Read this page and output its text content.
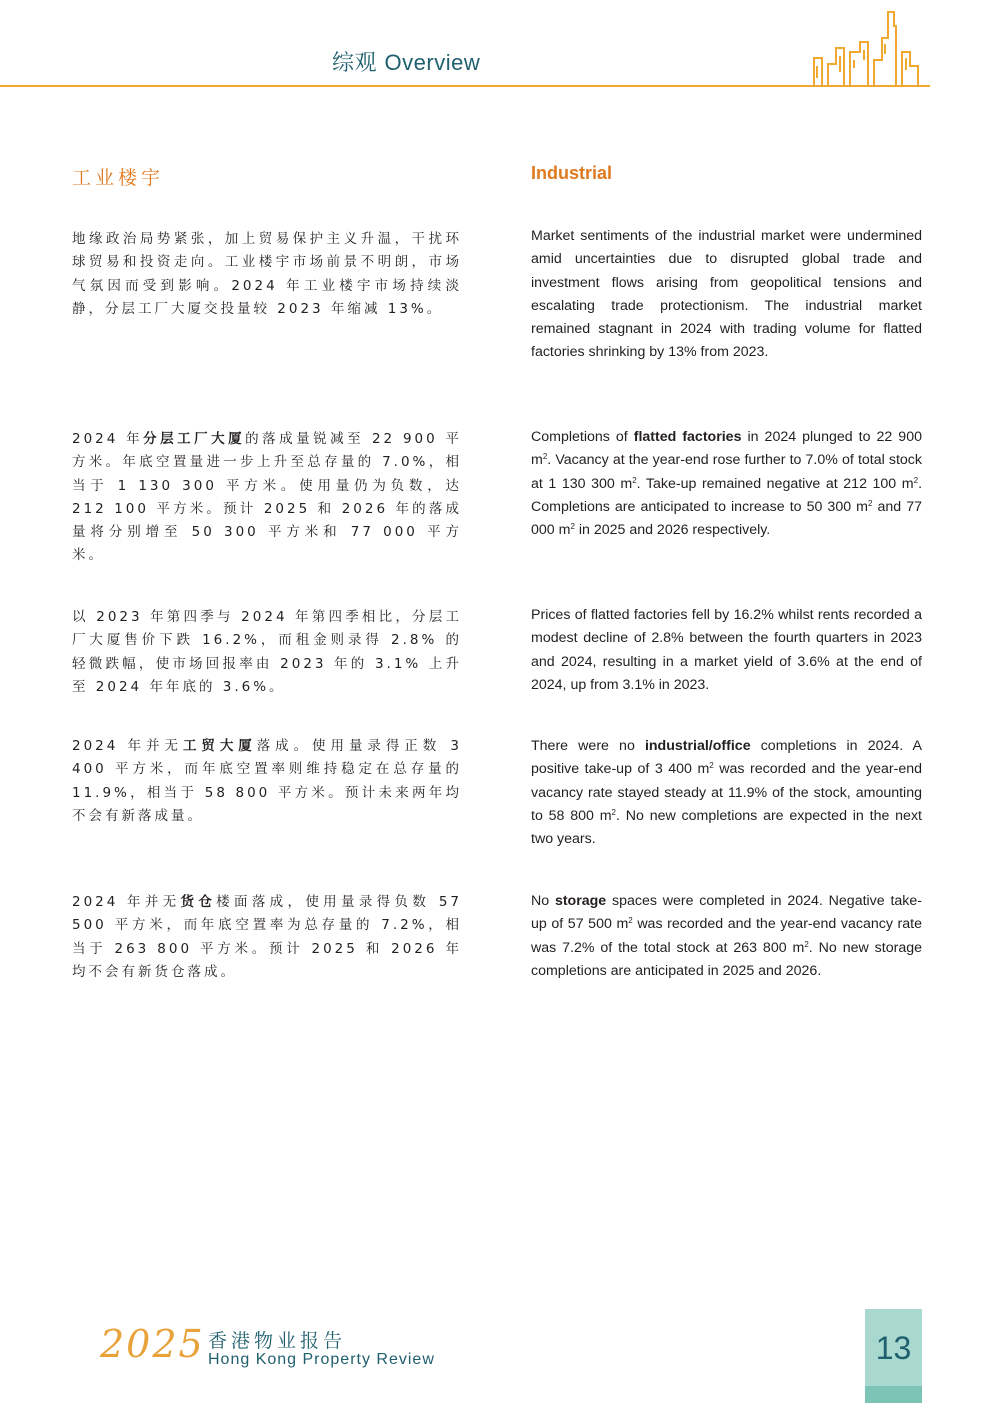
综观 Overview
工业楼宇	Industrial
地缘政治局势紧张，加上贸易保护主义升温，干扰环球贸易和投资走向。工业楼宇市场前景不明朗，市场气氛因而受到影响。2024 年工业楼宇市场持续淡静，分层工厂大厦交投量较 2023 年缩减 13%。
2024 年分层工厂大厦的落成量锐减至 22 900 平方米。年底空置量进一步上升至总存量的 7.0%，相当于 1 130 300 平方米。使用量仍为负数，达 212 100 平方米。预计 2025 和 2026 年的落成量将分别增至 50 300 平方米和 77 000 平方米。
以 2023 年第四季与 2024 年第四季相比，分层工厂大厦售价下跌 16.2%，而租金则录得 2.8% 的轻微跌幅，使市场回报率由 2023 年的 3.1% 上升至 2024 年年底的 3.6%。
2024 年并无工贸大厦落成。使用量录得正数 3 400 平方米，而年底空置率则维持稳定在总存量的 11.9%，相当于 58 800 平方米。预计未来两年均不会有新落成量。
2024 年并无货仓楼面落成，使用量录得负数 57 500 平方米，而年底空置率为总存量的 7.2%，相当于 263 800 平方米。预计 2025 和 2026 年均不会有新货仓落成。
Market sentiments of the industrial market were undermined amid uncertainties due to disrupted global trade and investment flows arising from geopolitical tensions and escalating trade protectionism. The industrial market remained stagnant in 2024 with trading volume for flatted factories shrinking by 13% from 2023.
Completions of flatted factories in 2024 plunged to 22 900 $m^2$. Vacancy at the year-end rose further to 7.0% of total stock at 1 130 300 $m^2$. Take-up remained negative at 212 100 $m^2$. Completions are anticipated to increase to 50 300 $m^2$ and 77 000 $m^2$ in 2025 and 2026 respectively.
Prices of flatted factories fell by 16.2% whilst rents recorded a modest decline of 2.8% between the fourth quarters in 2023 and 2024, resulting in a market yield of 3.6% at the end of 2024, up from 3.1% in 2023.
There were no industrial/office completions in 2024. A positive take-up of 3 400 $m^2$ was recorded and the year-end vacancy rate stayed steady at 11.9% of the stock, amounting to 58 800 $m^2$. No new completions are expected in the next two years.
No storage spaces were completed in 2024. Negative take-up of 57 500 $m^2$ was recorded and the year-end vacancy rate was 7.2% of the total stock at 263 800 $m^2$. No new storage completions are anticipated in 2025 and 2026.
2025 香港物业报告
Hong Kong Property Review	13
